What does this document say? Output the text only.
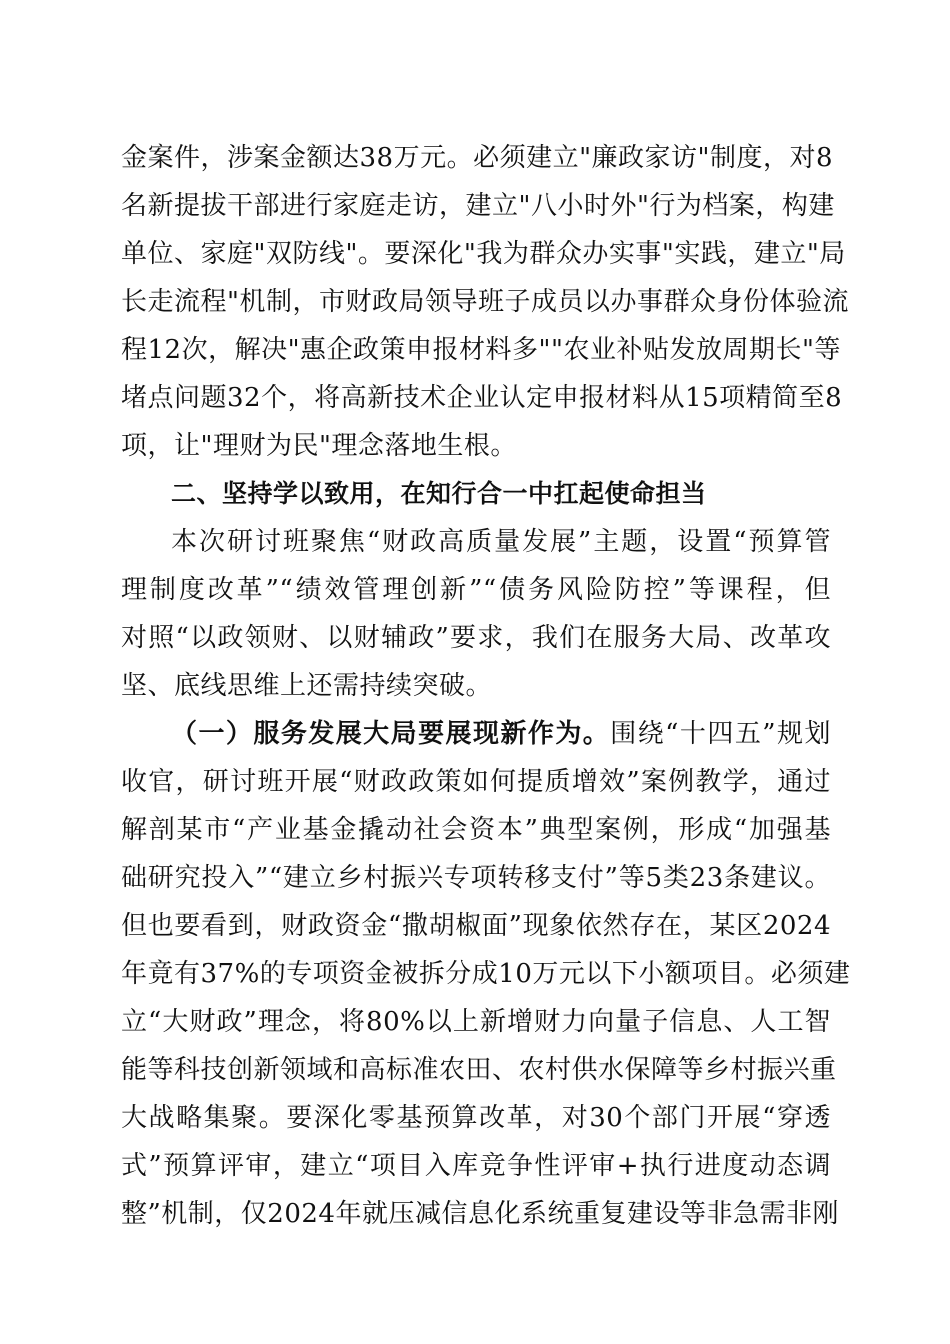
金案件，涉案金额达38万元。必须建立"廉政家访"制度，对8
名新提拔干部进行家庭走访，建立"八小时外"行为档案，构建
单位、家庭"双防线"。要深化"我为群众办实事"实践，建立"局
长走流程"机制，市财政局领导班子成员以办事群众身份体验流
程12次，解决"惠企政策申报材料多""农业补贴发放周期长"等
堵点问题32个，将高新技术企业认定申报材料从15项精简至8
项，让"理财为民"理念落地生根。
二、坚持学以致用，在知行合一中扛起使命担当
本次研讨班聚焦“财政高质量发展”主题，设置“预算管
理制度改革”“绩效管理创新”“债务风险防控”等课程，但
对照“以政领财、以财辅政”要求，我们在服务大局、改革攻
坚、底线思维上还需持续突破。
（一）服务发展大局要展现新作为。围绕“十四五”规划
收官，研讨班开展“财政政策如何提质增效”案例教学，通过
解剖某市“产业基金撬动社会资本”典型案例，形成“加强基
础研究投入”“建立乡村振兴专项转移支付”等5类23条建议。
但也要看到，财政资金“撒胡椒面”现象依然存在，某区2024
年竟有37%的专项资金被拆分成10万元以下小额项目。必须建
立“大财政”理念，将80%以上新增财力向量子信息、人工智
能等科技创新领域和高标准农田、农村供水保障等乡村振兴重
大战略集聚。要深化零基预算改革，对30个部门开展“穿透
式”预算评审，建立“项目入库竞争性评审+执行进度动态调
整”机制，仅2024年就压减信息化系统重复建设等非急需非刚
